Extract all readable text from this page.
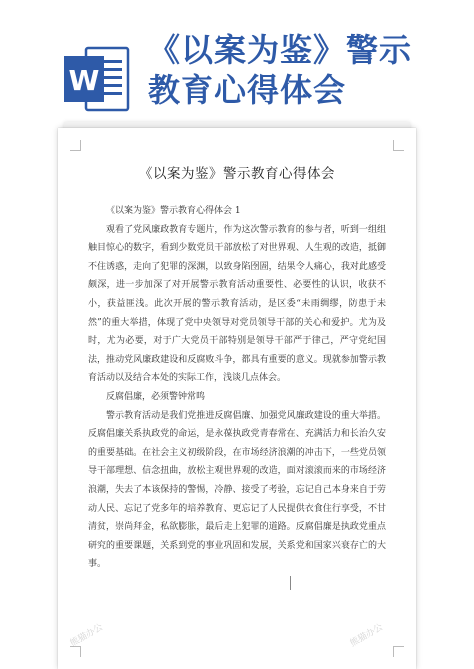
W
《以案为鉴》警示
教育心得体会
《以案为鉴》警示教育心得体会

《以案为鉴》警示教育心得体会 1

观看了党风廉政教育专题片，作为这次警示教育的参与者，听到一组组触目惊心的数字，看到少数党员干部放松了对世界观、人生观的改造，抵御不住诱惑，走向了犯罪的深渊，以致身陷囹圄，结果令人痛心，我对此感受颇深，进一步加深了对开展警示教育活动重要性、必要性的认识，收获不小，获益匪浅。此次开展的警示教育活动，是区委“未雨绸缪，防患于未然”的重大举措，体现了党中央领导对党员领导干部的关心和爱护。尤为及时，尤为必要，对于广大党员干部特别是领导干部严于律己，严守党纪国法，推动党风廉政建设和反腐败斗争，都具有重要的意义。现就参加警示教育活动以及结合本处的实际工作，浅谈几点体会。

反腐倡廉，必须警钟常鸣

警示教育活动是我们党推进反腐倡廉、加强党风廉政建设的重大举措。反腐倡廉关系执政党的命运，是永葆执政党青春常在、充满活力和长治久安的重要基础。在社会主义初级阶段，在市场经济浪潮的冲击下，一些党员领导干部理想、信念扭曲，放松主观世界观的改造，面对滚滚而来的市场经济浪潮，失去了本该保持的警惕，冷静、接受了考验，忘记自己本身来自于劳动人民、忘记了党多年的培养教育、更忘记了人民提供衣食住行享受，不甘清贫，崇尚拜金，私欲膨胀，最后走上犯罪的道路。反腐倡廉是执政党重点研究的重要课题，关系到党的事业巩固和发展，关系党和国家兴衰存亡的大事。

熊猫办公	熊猫办公
